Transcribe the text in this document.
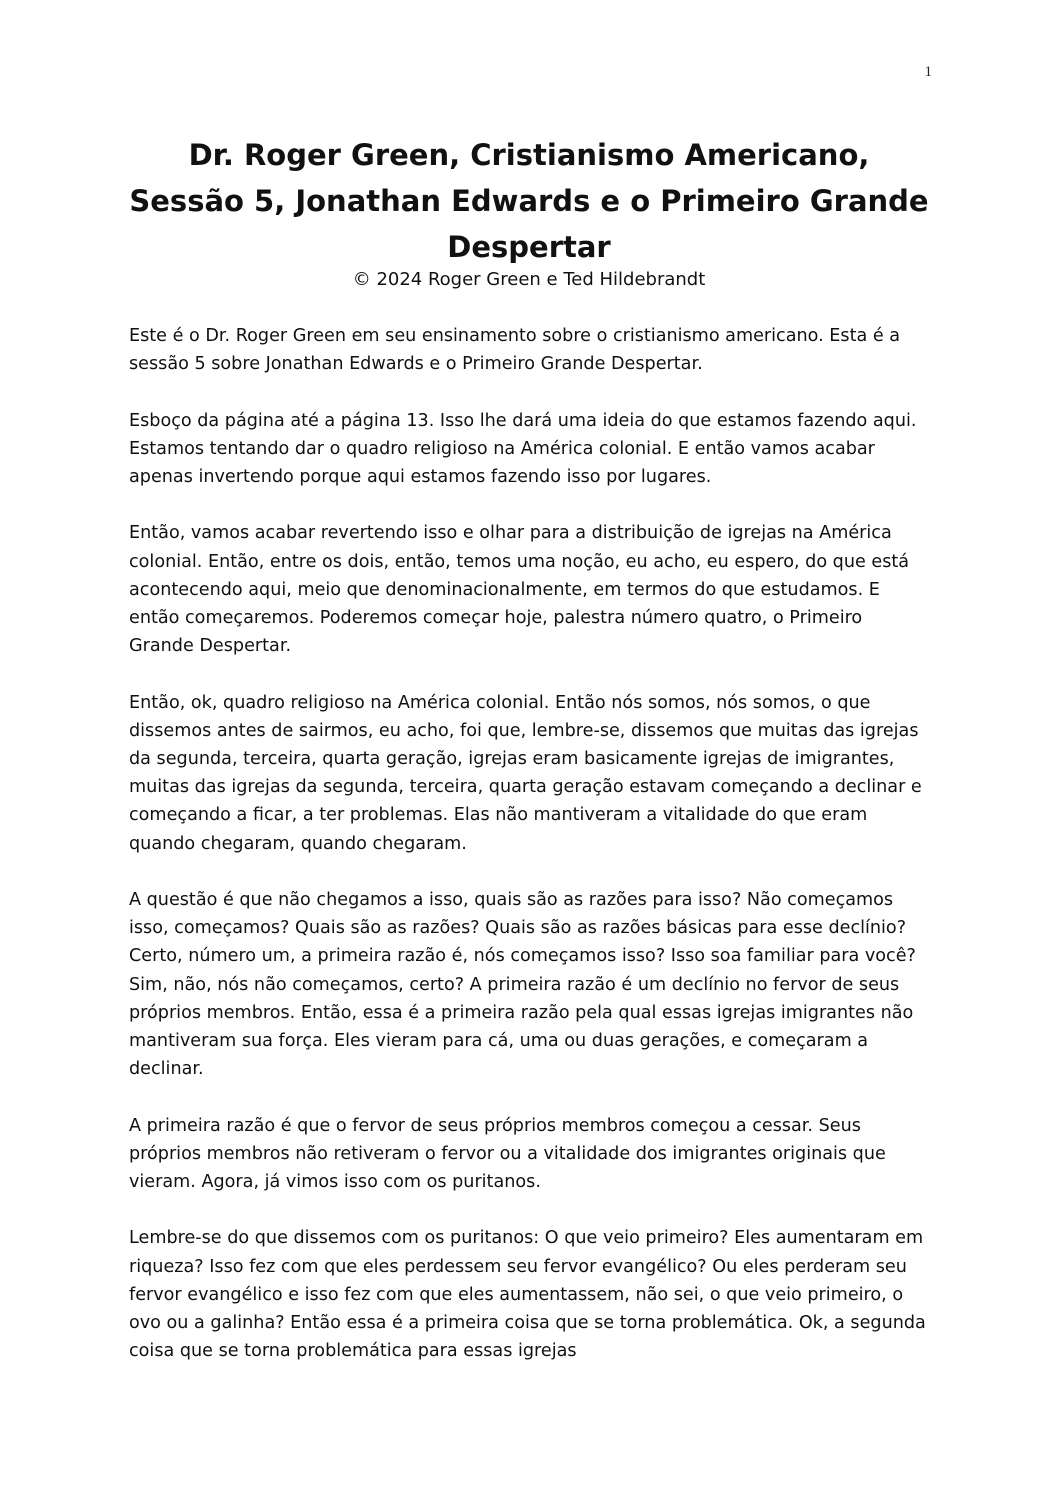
1
Dr. Roger Green, Cristianismo Americano,
Sessão 5, Jonathan Edwards e o Primeiro Grande
Despertar
© 2024 Roger Green e Ted Hildebrandt

Este é o Dr. Roger Green em seu ensinamento sobre o cristianismo americano. Esta é a sessão 5 sobre Jonathan Edwards e o Primeiro Grande Despertar.

Esboço da página até a página 13. Isso lhe dará uma ideia do que estamos fazendo aqui. Estamos tentando dar o quadro religioso na América colonial. E então vamos acabar apenas invertendo porque aqui estamos fazendo isso por lugares.

Então, vamos acabar revertendo isso e olhar para a distribuição de igrejas na América colonial. Então, entre os dois, então, temos uma noção, eu acho, eu espero, do que está acontecendo aqui, meio que denominacionalmente, em termos do que estudamos. E então começaremos. Poderemos começar hoje, palestra número quatro, o Primeiro Grande Despertar.

Então, ok, quadro religioso na América colonial. Então nós somos, nós somos, o que dissemos antes de sairmos, eu acho, foi que, lembre-se, dissemos que muitas das igrejas da segunda, terceira, quarta geração, igrejas eram basicamente igrejas de imigrantes, muitas das igrejas da segunda, terceira, quarta geração estavam começando a declinar e começando a ficar, a ter problemas. Elas não mantiveram a vitalidade do que eram quando chegaram, quando chegaram.

A questão é que não chegamos a isso, quais são as razões para isso? Não começamos isso, começamos? Quais são as razões? Quais são as razões básicas para esse declínio? Certo, número um, a primeira razão é, nós começamos isso? Isso soa familiar para você? Sim, não, nós não começamos, certo? A primeira razão é um declínio no fervor de seus próprios membros. Então, essa é a primeira razão pela qual essas igrejas imigrantes não mantiveram sua força. Eles vieram para cá, uma ou duas gerações, e começaram a declinar.

A primeira razão é que o fervor de seus próprios membros começou a cessar. Seus próprios membros não retiveram o fervor ou a vitalidade dos imigrantes originais que vieram. Agora, já vimos isso com os puritanos.

Lembre-se do que dissemos com os puritanos: O que veio primeiro? Eles aumentaram em riqueza? Isso fez com que eles perdessem seu fervor evangélico? Ou eles perderam seu fervor evangélico e isso fez com que eles aumentassem, não sei, o que veio primeiro, o ovo ou a galinha? Então essa é a primeira coisa que se torna problemática. Ok, a segunda coisa que se torna problemática para essas igrejas
